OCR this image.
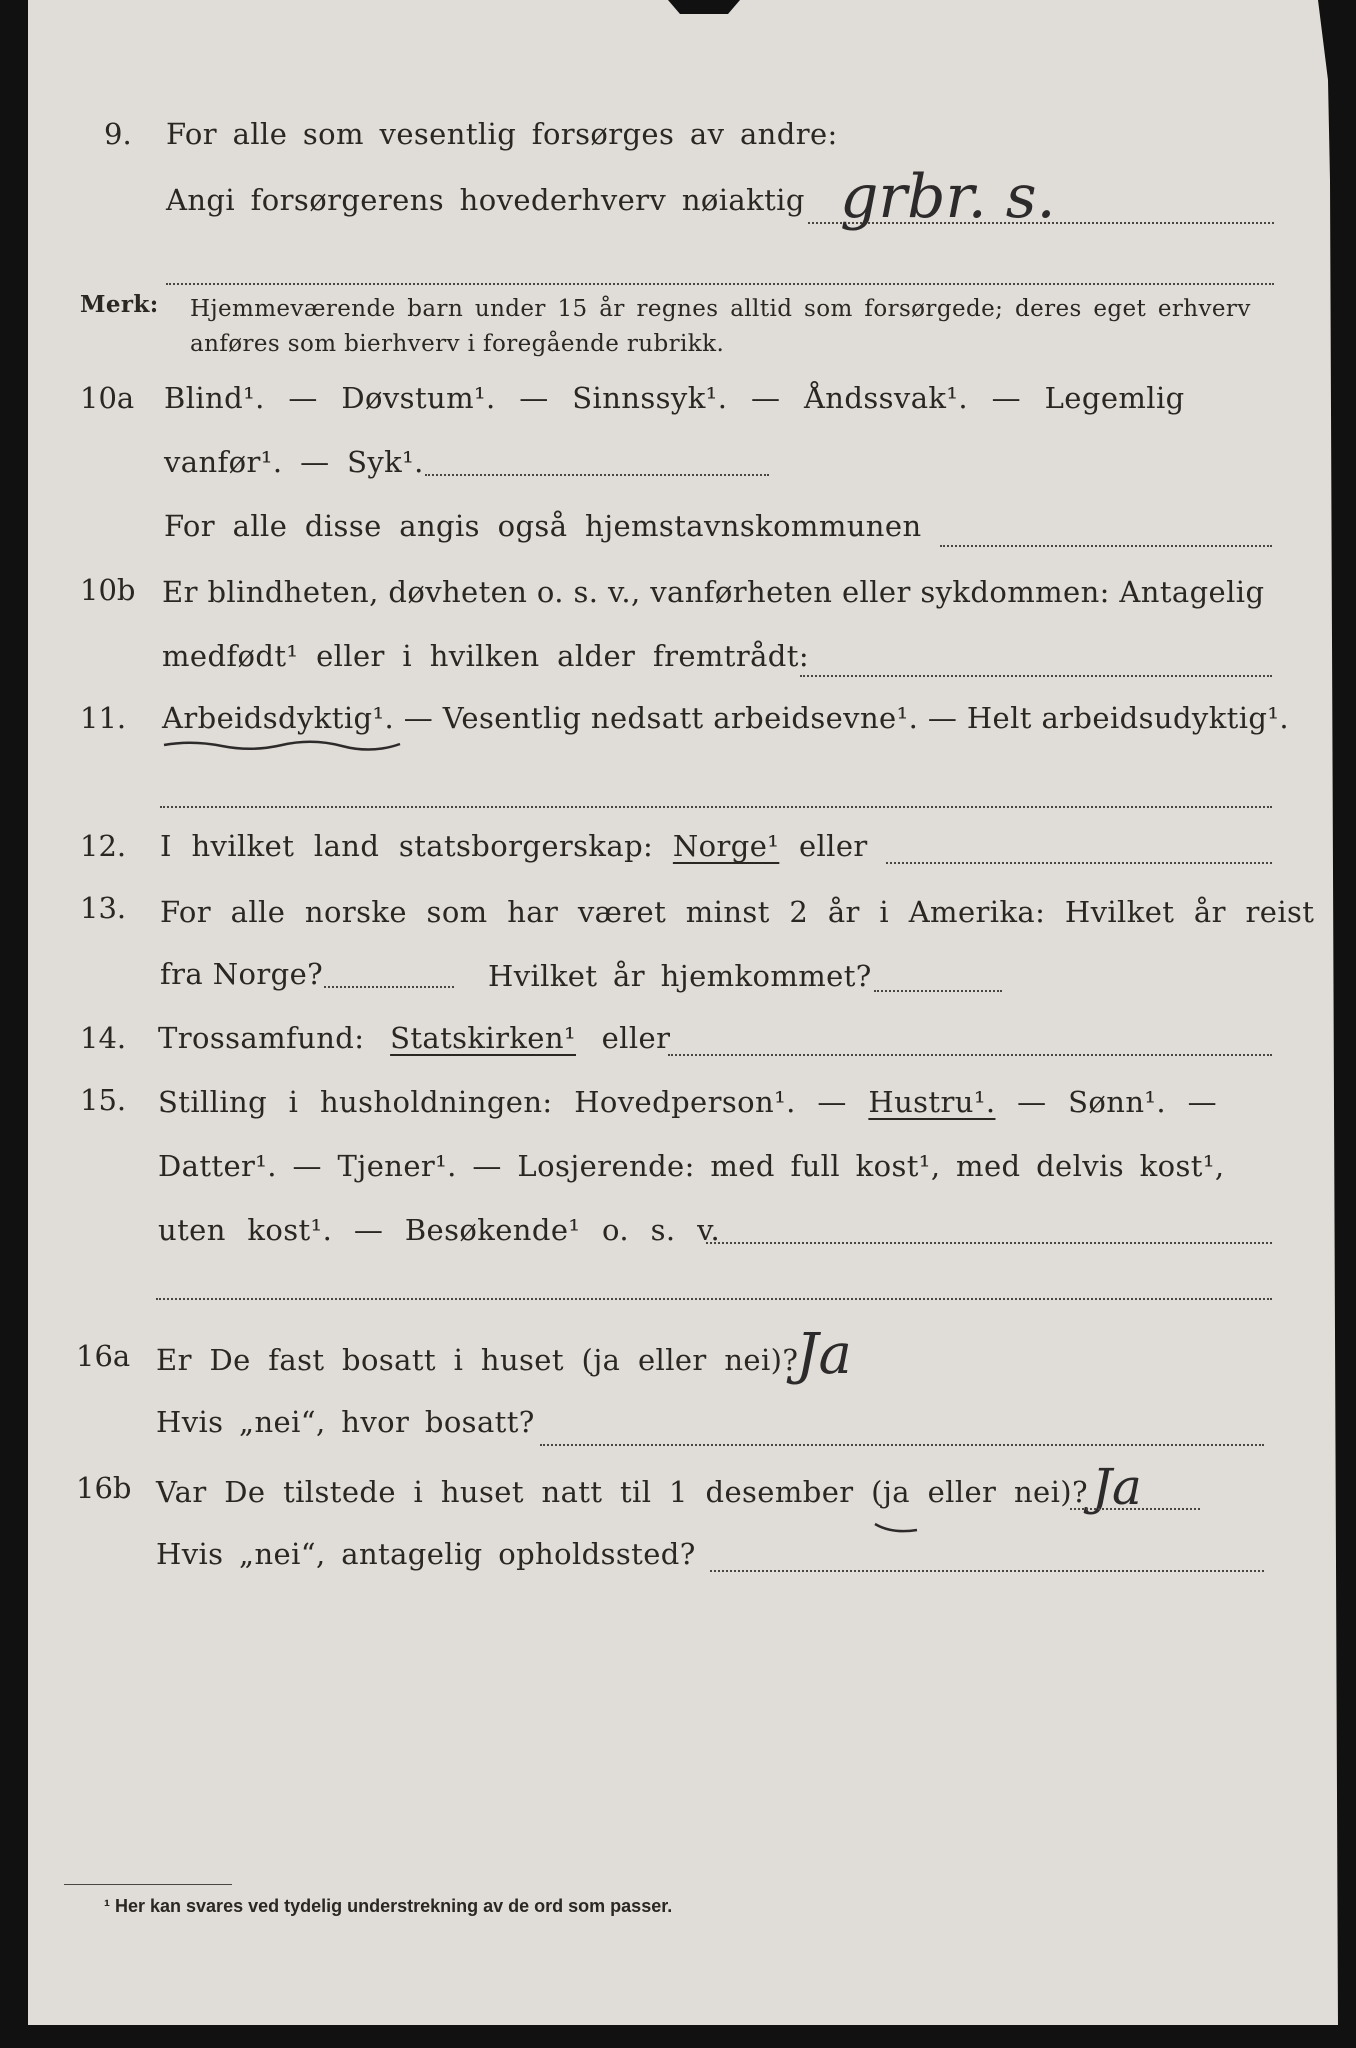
9. For alle som vesentlig forsørges av andre:
Angi forsørgerens hovederhverv nøiaktig grbr. s.
Merk: Hjemmeværende barn under 15 år regnes alltid som forsørgede; deres eget erhverv
anføres som bierhverv i foregående rubrikk.
10a Blind¹. — Døvstum¹. — Sinnssyk¹. — Åndssvak¹. — Legemlig
vanfør¹. — Syk¹.
For alle disse angis også hjemstavnskommunen
10b Er blindheten, døvheten o. s. v., vanførheten eller sykdommen: Antagelig
medfødt¹ eller i hvilken alder fremtrådt:
11. Arbeidsdyktig¹. — Vesentlig nedsatt arbeidsevne¹. — Helt arbeidsudyktig¹.
12. I hvilket land statsborgerskap: Norge¹ eller
13. For alle norske som har været minst 2 år i Amerika: Hvilket år reist
fra Norge?	Hvilket år hjemkommet?
14. Trossamfund: Statskirken¹ eller
15. Stilling i husholdningen: Hovedperson¹. — Hustru¹. — Sønn¹. —
Datter¹. — Tjener¹. — Losjerende: med full kost¹, med delvis kost¹,
uten kost¹. — Besøkende¹ o. s. v.
16a Er De fast bosatt i huset (ja eller nei)?
Ja
Hvis „nei“, hvor bosatt?
16b Var De tilstede i huset natt til 1 desember (ja eller nei)? Ja
Hvis „nei“, antagelig opholdssted?
¹ Her kan svares ved tydelig understrekning av de ord som passer.
